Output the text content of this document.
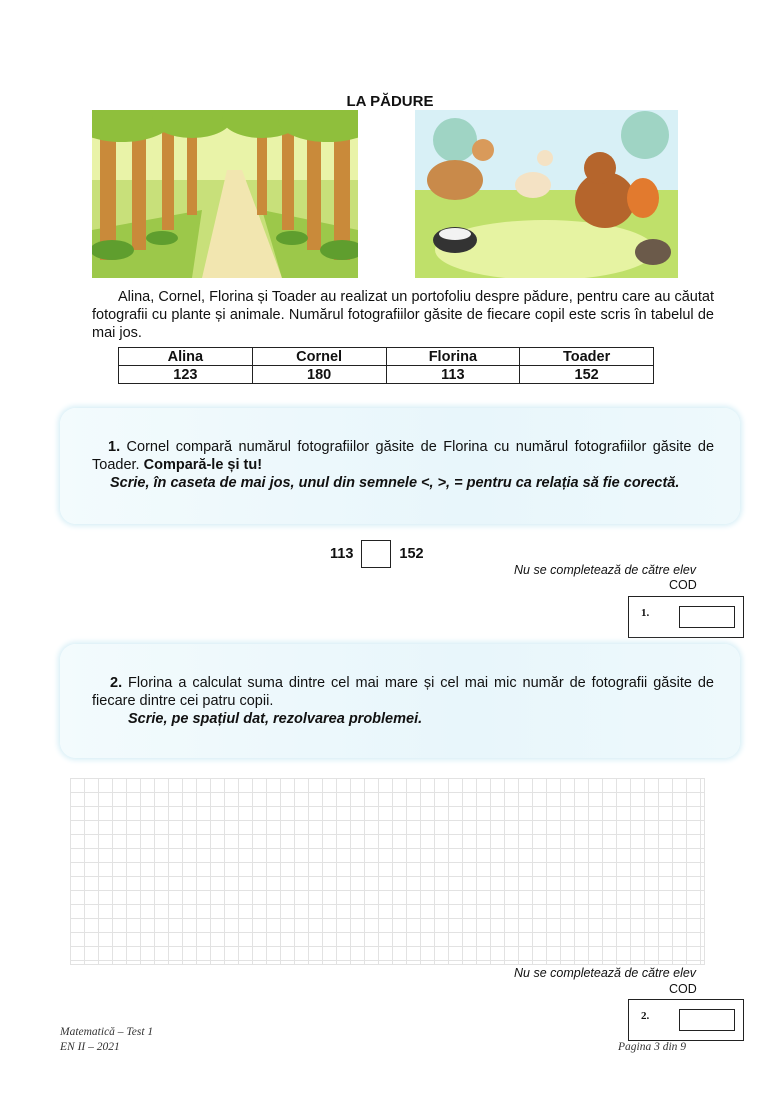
LA PĂDURE
Alina, Cornel, Florina și Toader au realizat un portofoliu despre pădure, pentru care au căutat fotografii cu plante și animale. Numărul fotografiilor găsite de fiecare copil este scris în tabelul de mai jos.
Alina	Cornel	Florina	Toader
123	180	113	152
1. Cornel compară numărul fotografiilor găsite de Florina cu numărul fotografiilor găsite de Toader. Compară-le și tu!
Scrie, în caseta de mai jos, unul din semnele <, >, = pentru ca relația să fie corectă.
113	152
Nu se completează de către elev
COD
1.
2. Florina a calculat suma dintre cel mai mare și cel mai mic număr de fotografii găsite de fiecare dintre cei patru copii.
Scrie, pe spațiul dat, rezolvarea problemei.
Nu se completează de către elev
COD
2.
Matematică – Test 1
EN II – 2021	Pagina 3 din 9
